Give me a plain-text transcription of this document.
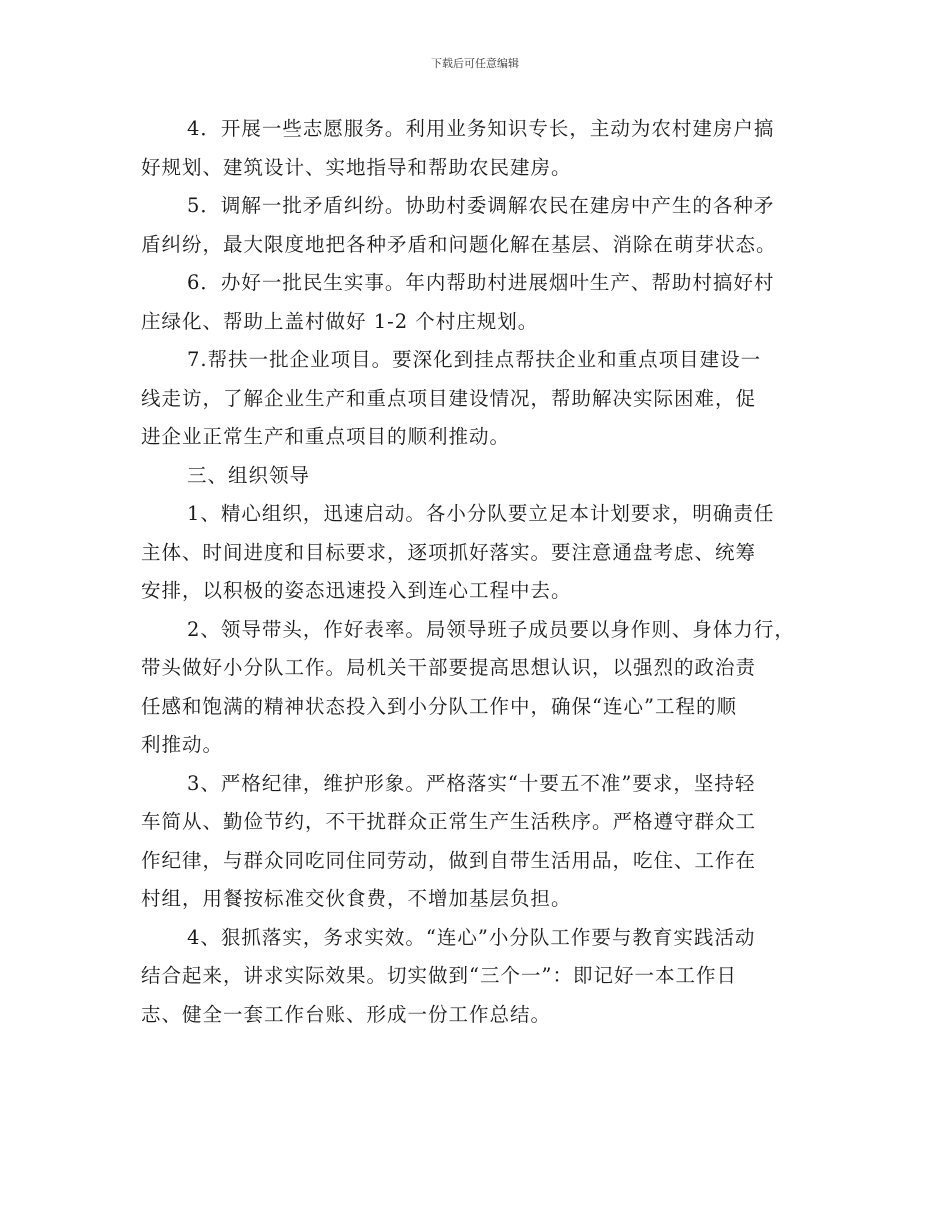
下载后可任意编辑

4．开展一些志愿服务。利用业务知识专长，主动为农村建房户搞
好规划、建筑设计、实地指导和帮助农民建房。

5．调解一批矛盾纠纷。协助村委调解农民在建房中产生的各种矛
盾纠纷，最大限度地把各种矛盾和问题化解在基层、消除在萌芽状态。

6．办好一批民生实事。年内帮助村进展烟叶生产、帮助村搞好村
庄绿化、帮助上盖村做好 1-2 个村庄规划。

7.帮扶一批企业项目。要深化到挂点帮扶企业和重点项目建设一
线走访，了解企业生产和重点项目建设情况，帮助解决实际困难，促
进企业正常生产和重点项目的顺利推动。

三、组织领导

1、精心组织，迅速启动。各小分队要立足本计划要求，明确责任
主体、时间进度和目标要求，逐项抓好落实。要注意通盘考虑、统筹
安排，以积极的姿态迅速投入到连心工程中去。

2、领导带头，作好表率。局领导班子成员要以身作则、身体力行，
带头做好小分队工作。局机关干部要提高思想认识，以强烈的政治责
任感和饱满的精神状态投入到小分队工作中，确保“连心”工程的顺
利推动。

3、严格纪律，维护形象。严格落实“十要五不准”要求，坚持轻
车简从、勤俭节约，不干扰群众正常生产生活秩序。严格遵守群众工
作纪律，与群众同吃同住同劳动，做到自带生活用品，吃住、工作在
村组，用餐按标准交伙食费，不增加基层负担。

4、狠抓落实，务求实效。“连心”小分队工作要与教育实践活动
结合起来，讲求实际效果。切实做到“三个一”：即记好一本工作日
志、健全一套工作台账、形成一份工作总结。
